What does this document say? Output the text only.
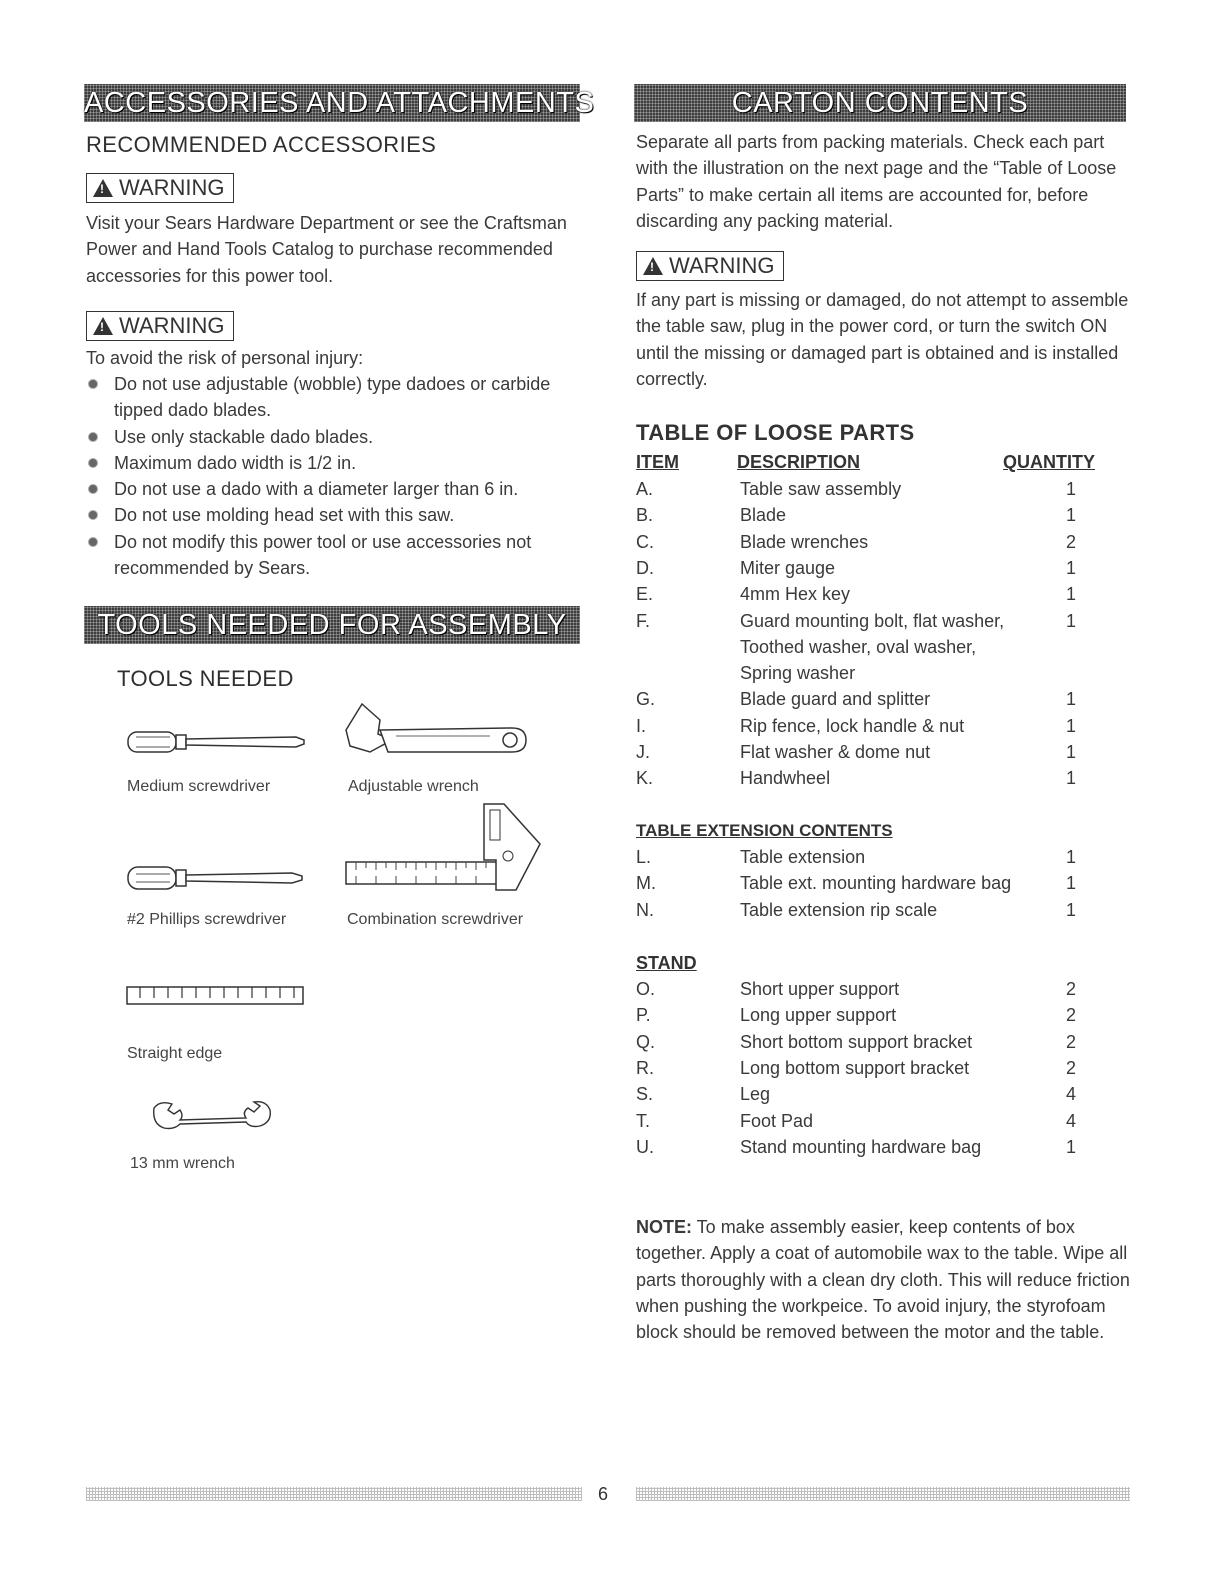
ACCESSORIES AND ATTACHMENTS
RECOMMENDED ACCESSORIES
!
WARNING
Visit your Sears Hardware Department or see the Craftsman Power and Hand Tools Catalog to purchase recommended accessories for this power tool.
!
WARNING
To avoid the risk of personal injury:
Do not use adjustable (wobble) type dadoes or carbide tipped dado blades.
Use only stackable dado blades.
Maximum dado width is 1/2 in.
Do not use a dado with a diameter larger than 6 in.
Do not use molding head set with this saw.
Do not modify this power tool or use accessories not recommended by Sears.
TOOLS NEEDED FOR ASSEMBLY
TOOLS NEEDED
Medium screwdriver	Adjustable wrench
#2 Phillips screwdriver	Combination screwdriver
Straight edge
13 mm wrench
CARTON CONTENTS
Separate all parts from packing materials. Check each part with the illustration on the next page and the “Table of Loose Parts” to make certain all items are accounted for, before discarding any packing material.
!
WARNING
If any part is missing or damaged, do not attempt to assemble the table saw, plug in the power cord, or turn the switch ON until the missing or damaged part is obtained and is installed correctly.
TABLE OF LOOSE PARTS
ITEM	DESCRIPTION	QUANTITY
A.	Table saw assembly	1
B.	Blade	1
C.	Blade wrenches	2
D.	Miter gauge	1
E.	4mm Hex key	1
F.	Guard mounting bolt, flat washer,	1
Toothed washer, oval washer,
Spring washer
G.	Blade guard and splitter	1
I.	Rip fence, lock handle & nut	1
J.	Flat washer & dome nut	1
K.	Handwheel	1
TABLE EXTENSION CONTENTS
L.	Table extension	1
M.	Table ext. mounting hardware bag	1
N.	Table extension rip scale	1
STAND
O.	Short upper support	2
P.	Long upper support	2
Q.	Short bottom support bracket	2
R.	Long bottom support bracket	2
S.	Leg	4
T.	Foot Pad	4
U.	Stand mounting hardware bag	1
NOTE: To make assembly easier, keep contents of box together. Apply a coat of automobile wax to the table. Wipe all parts thoroughly with a clean dry cloth. This will reduce friction when pushing the workpeice. To avoid injury, the styrofoam block should be removed between the motor and the table.
6
